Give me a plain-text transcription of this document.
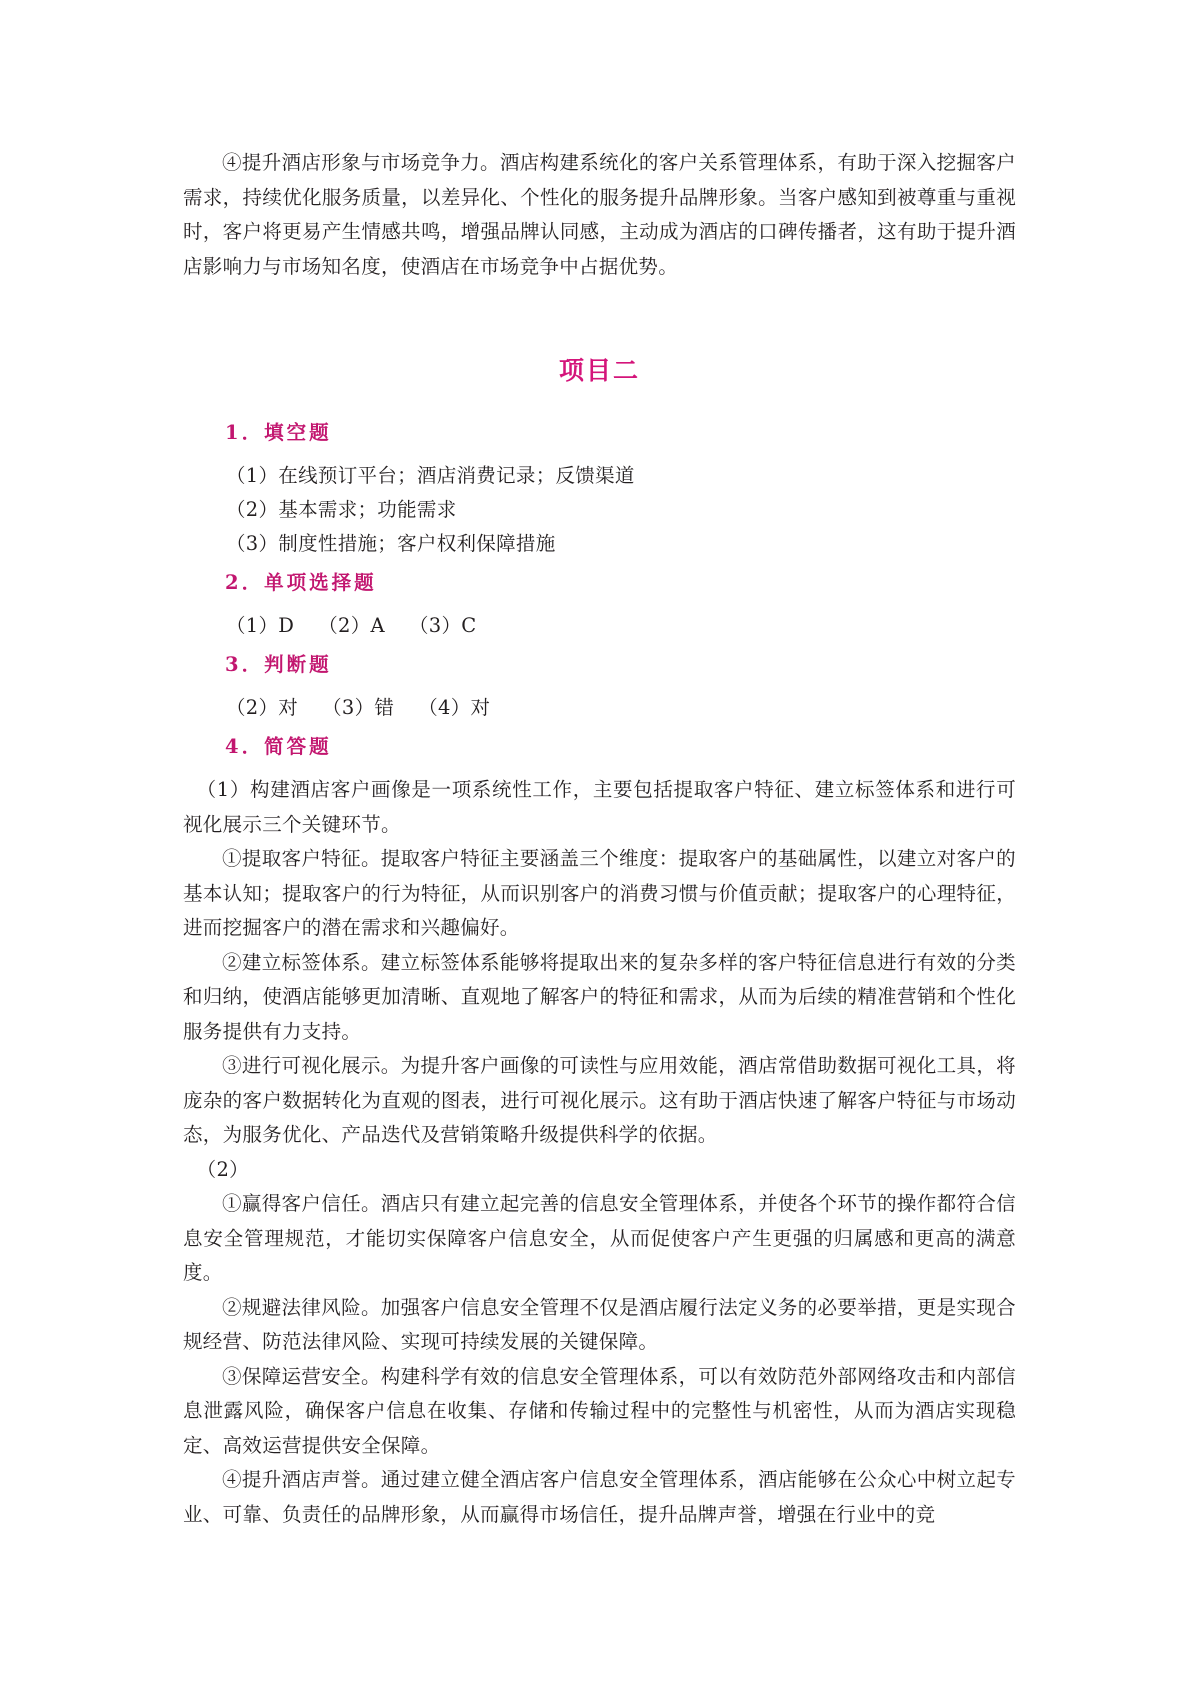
④提升酒店形象与市场竞争力。酒店构建系统化的客户关系管理体系，有助于深入挖掘客户需求，持续优化服务质量，以差异化、个性化的服务提升品牌形象。当客户感知到被尊重与重视时，客户将更易产生情感共鸣，增强品牌认同感，主动成为酒店的口碑传播者，这有助于提升酒店影响力与市场知名度，使酒店在市场竞争中占据优势。

项目二
1．填空题

（1）在线预订平台；酒店消费记录；反馈渠道

（2）基本需求；功能需求

（3）制度性措施；客户权利保障措施

2．单项选择题

（1）D （2）A （3）C

3．判断题

（2）对 （3）错 （4）对

4．简答题

（1）构建酒店客户画像是一项系统性工作，主要包括提取客户特征、建立标签体系和进行可视化展示三个关键环节。

①提取客户特征。提取客户特征主要涵盖三个维度：提取客户的基础属性，以建立对客户的基本认知；提取客户的行为特征，从而识别客户的消费习惯与价值贡献；提取客户的心理特征，进而挖掘客户的潜在需求和兴趣偏好。

②建立标签体系。建立标签体系能够将提取出来的复杂多样的客户特征信息进行有效的分类和归纳，使酒店能够更加清晰、直观地了解客户的特征和需求，从而为后续的精准营销和个性化服务提供有力支持。

③进行可视化展示。为提升客户画像的可读性与应用效能，酒店常借助数据可视化工具，将庞杂的客户数据转化为直观的图表，进行可视化展示。这有助于酒店快速了解客户特征与市场动态，为服务优化、产品迭代及营销策略升级提供科学的依据。

（2）

①赢得客户信任。酒店只有建立起完善的信息安全管理体系，并使各个环节的操作都符合信息安全管理规范，才能切实保障客户信息安全，从而促使客户产生更强的归属感和更高的满意度。

②规避法律风险。加强客户信息安全管理不仅是酒店履行法定义务的必要举措，更是实现合规经营、防范法律风险、实现可持续发展的关键保障。

③保障运营安全。构建科学有效的信息安全管理体系，可以有效防范外部网络攻击和内部信息泄露风险，确保客户信息在收集、存储和传输过程中的完整性与机密性，从而为酒店实现稳定、高效运营提供安全保障。

④提升酒店声誉。通过建立健全酒店客户信息安全管理体系，酒店能够在公众心中树立起专业、可靠、负责任的品牌形象，从而赢得市场信任，提升品牌声誉，增强在行业中的竞
